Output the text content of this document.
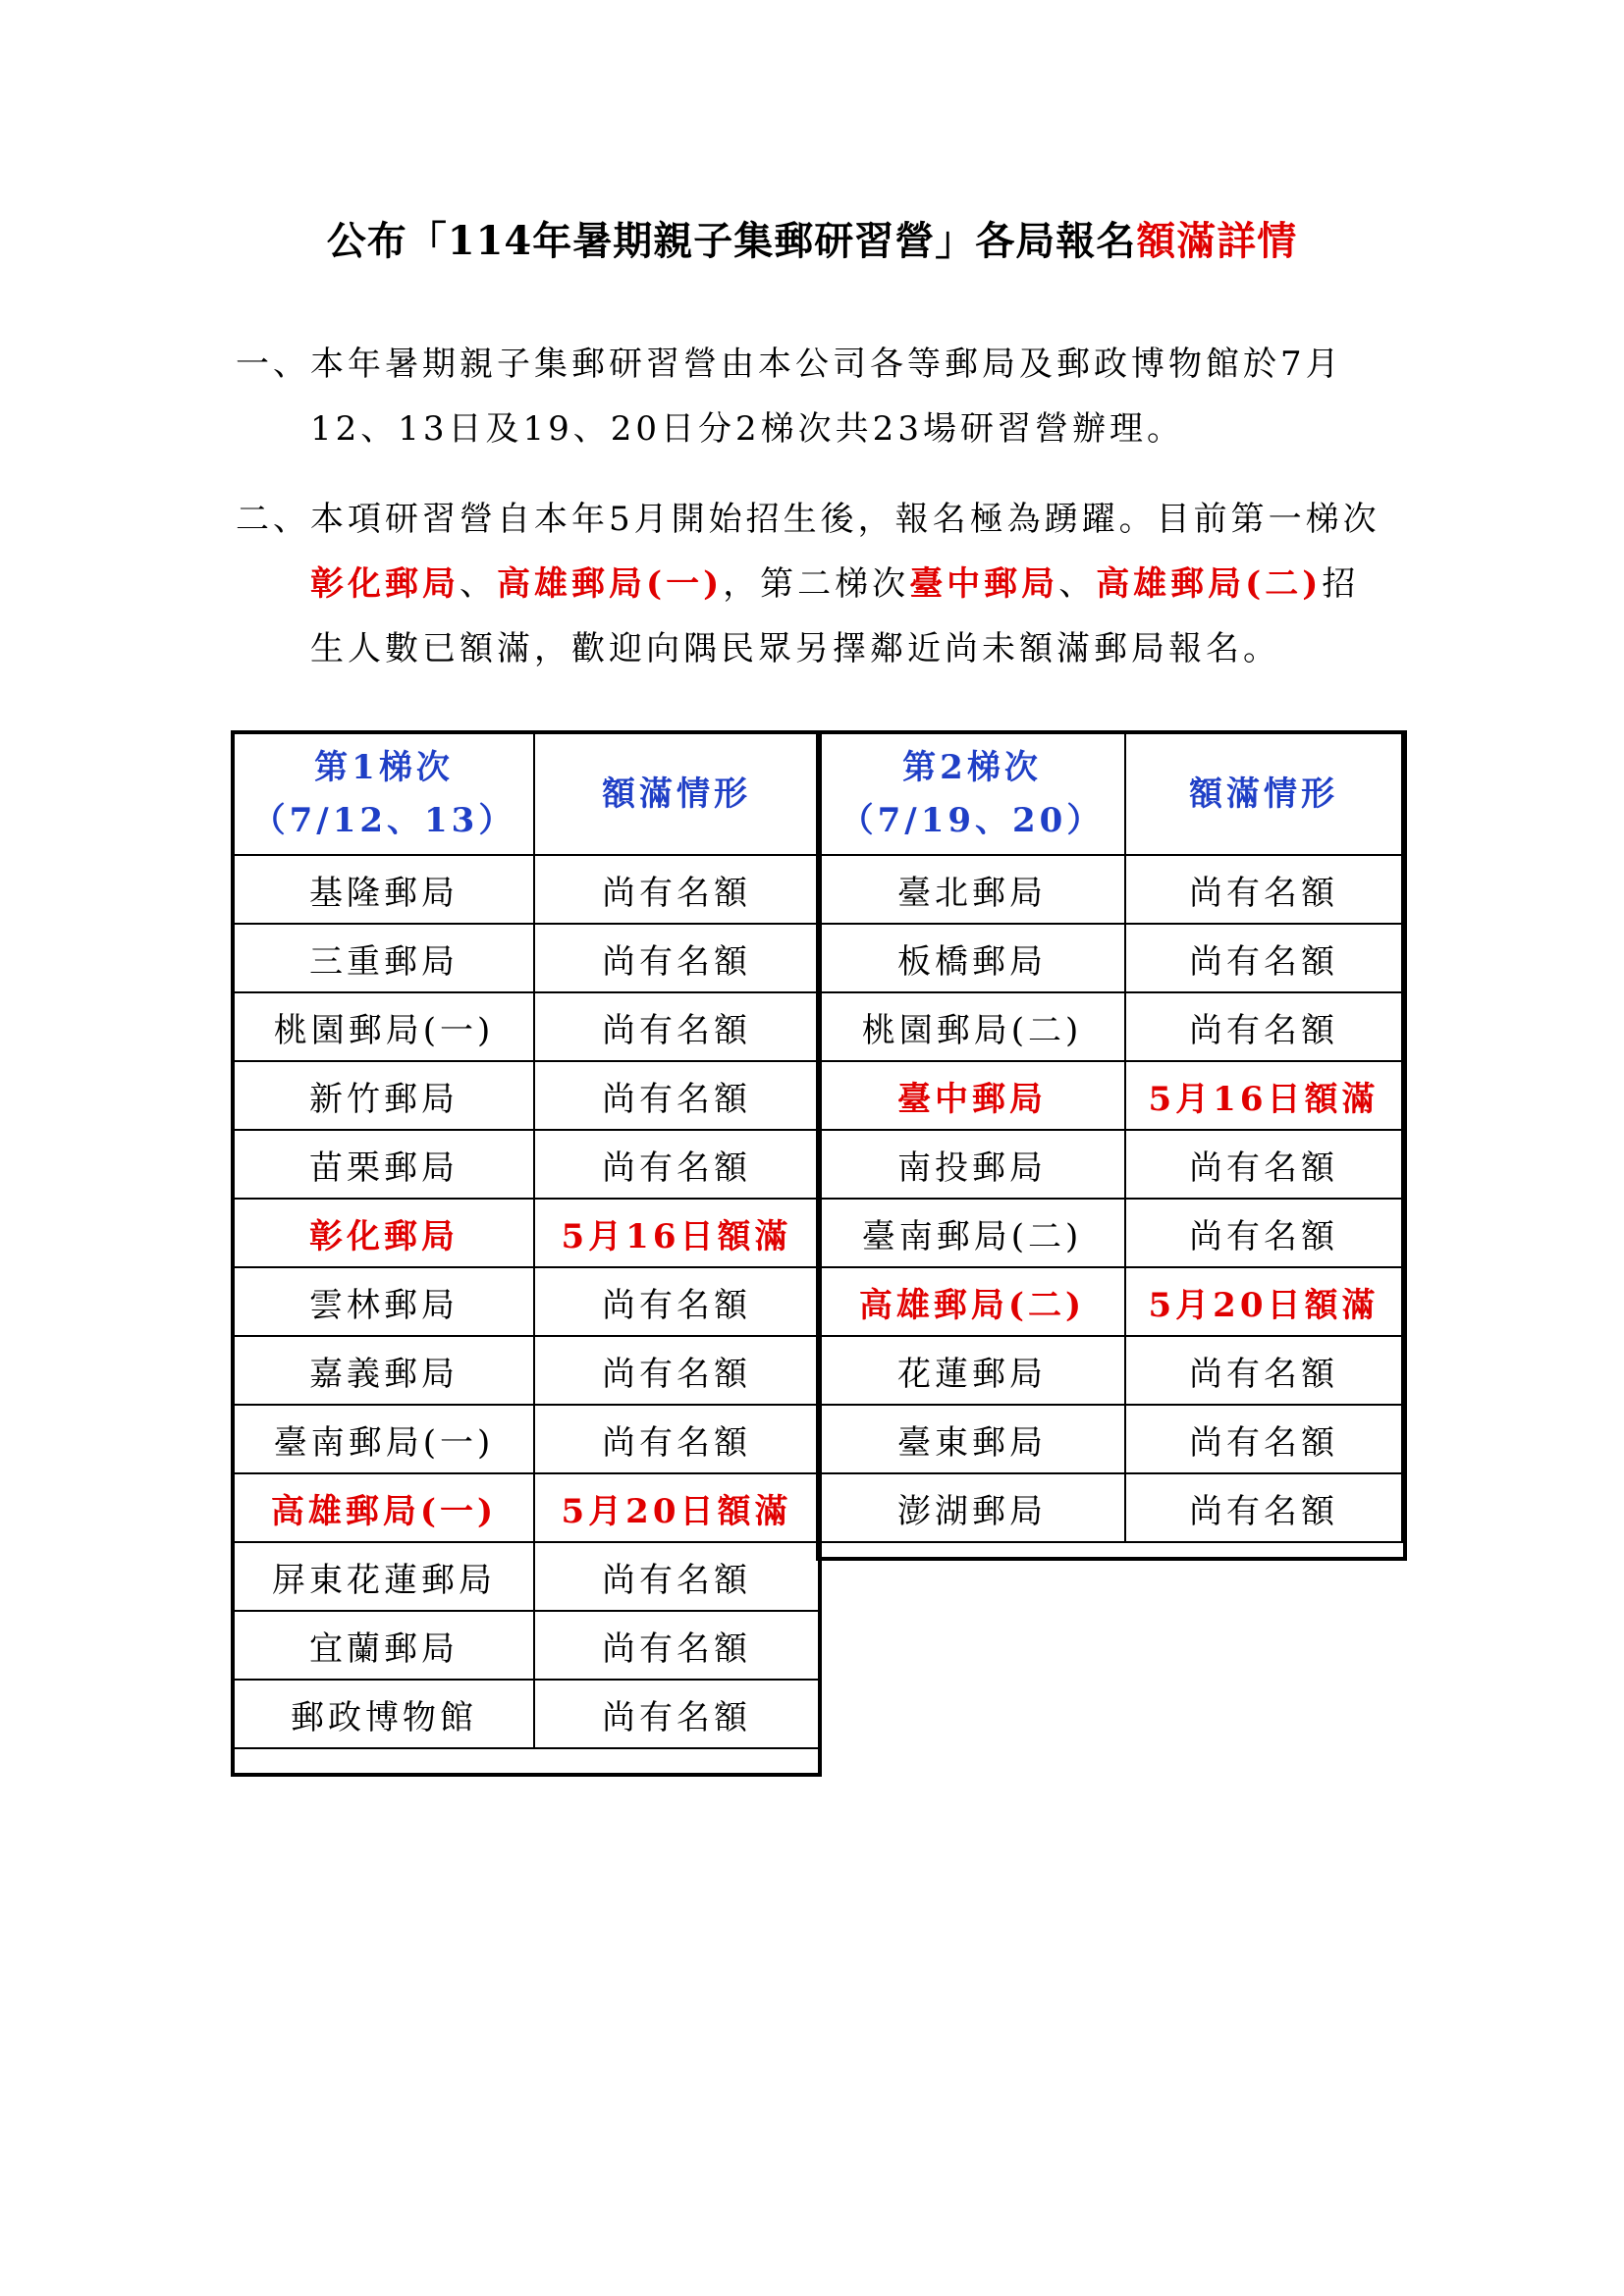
公布「114年暑期親子集郵研習營」各局報名額滿詳情
一、 本年暑期親子集郵研習營由本公司各等郵局及郵政博物館於7月12、13日及19、20日分2梯次共23場研習營辦理。
二、 本項研習營自本年5月開始招生後，報名極為踴躍。目前第一梯次彰化郵局、高雄郵局(一)，第二梯次臺中郵局、高雄郵局(二)招生人數已額滿，歡迎向隅民眾另擇鄰近尚未額滿郵局報名。
第1梯次
（7/12、13）	額滿情形
基隆郵局	尚有名額
三重郵局	尚有名額
桃園郵局(一)	尚有名額
新竹郵局	尚有名額
苗栗郵局	尚有名額
彰化郵局	5月16日額滿
雲林郵局	尚有名額
嘉義郵局	尚有名額
臺南郵局(一)	尚有名額
高雄郵局(一)	5月20日額滿
屏東花蓮郵局	尚有名額
宜蘭郵局	尚有名額
郵政博物館	尚有名額
第2梯次
（7/19、20）	額滿情形
臺北郵局	尚有名額
板橋郵局	尚有名額
桃園郵局(二)	尚有名額
臺中郵局	5月16日額滿
南投郵局	尚有名額
臺南郵局(二)	尚有名額
高雄郵局(二)	5月20日額滿
花蓮郵局	尚有名額
臺東郵局	尚有名額
澎湖郵局	尚有名額
